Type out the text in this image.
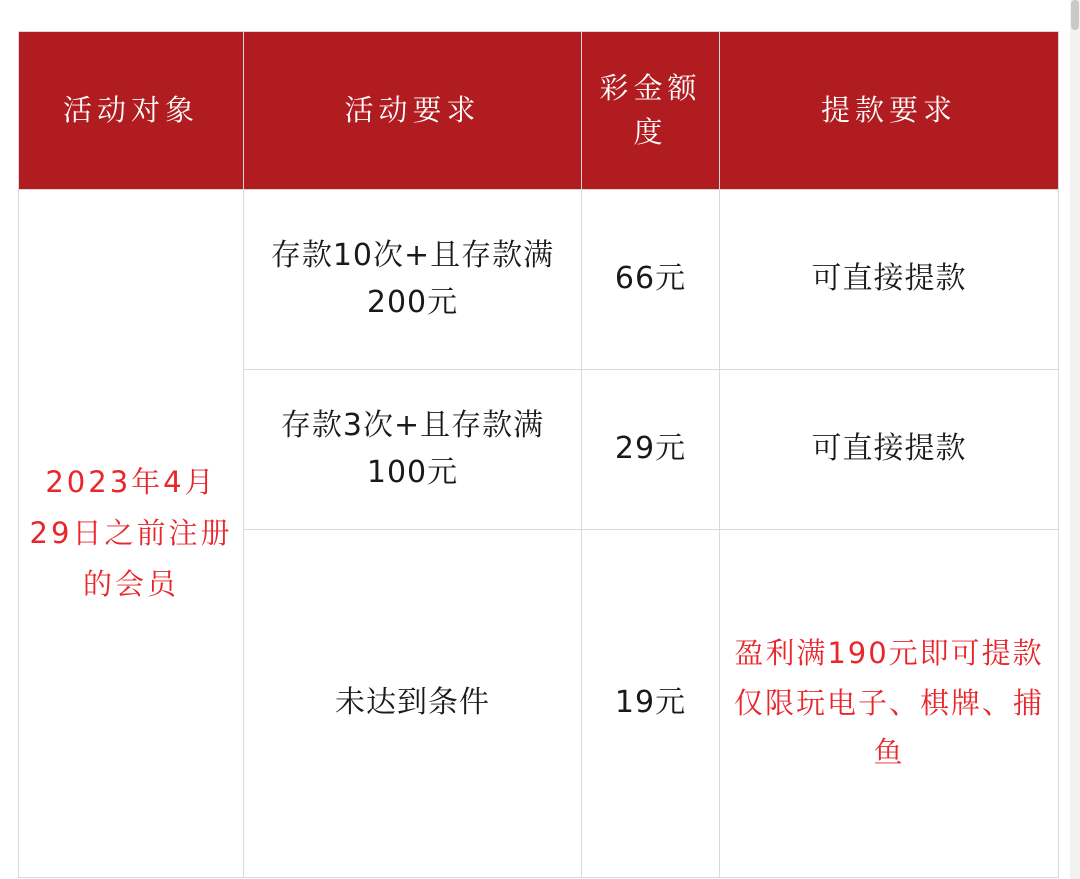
活动对象	活动要求	彩金额度	提款要求
2023年4月29日之前注册的会员	存款10次+且存款满200元	66元	可直接提款
	存款3次+且存款满100元	29元	可直接提款
	未达到条件	19元	盈利满190元即可提款仅限玩电子、棋牌、捕鱼
